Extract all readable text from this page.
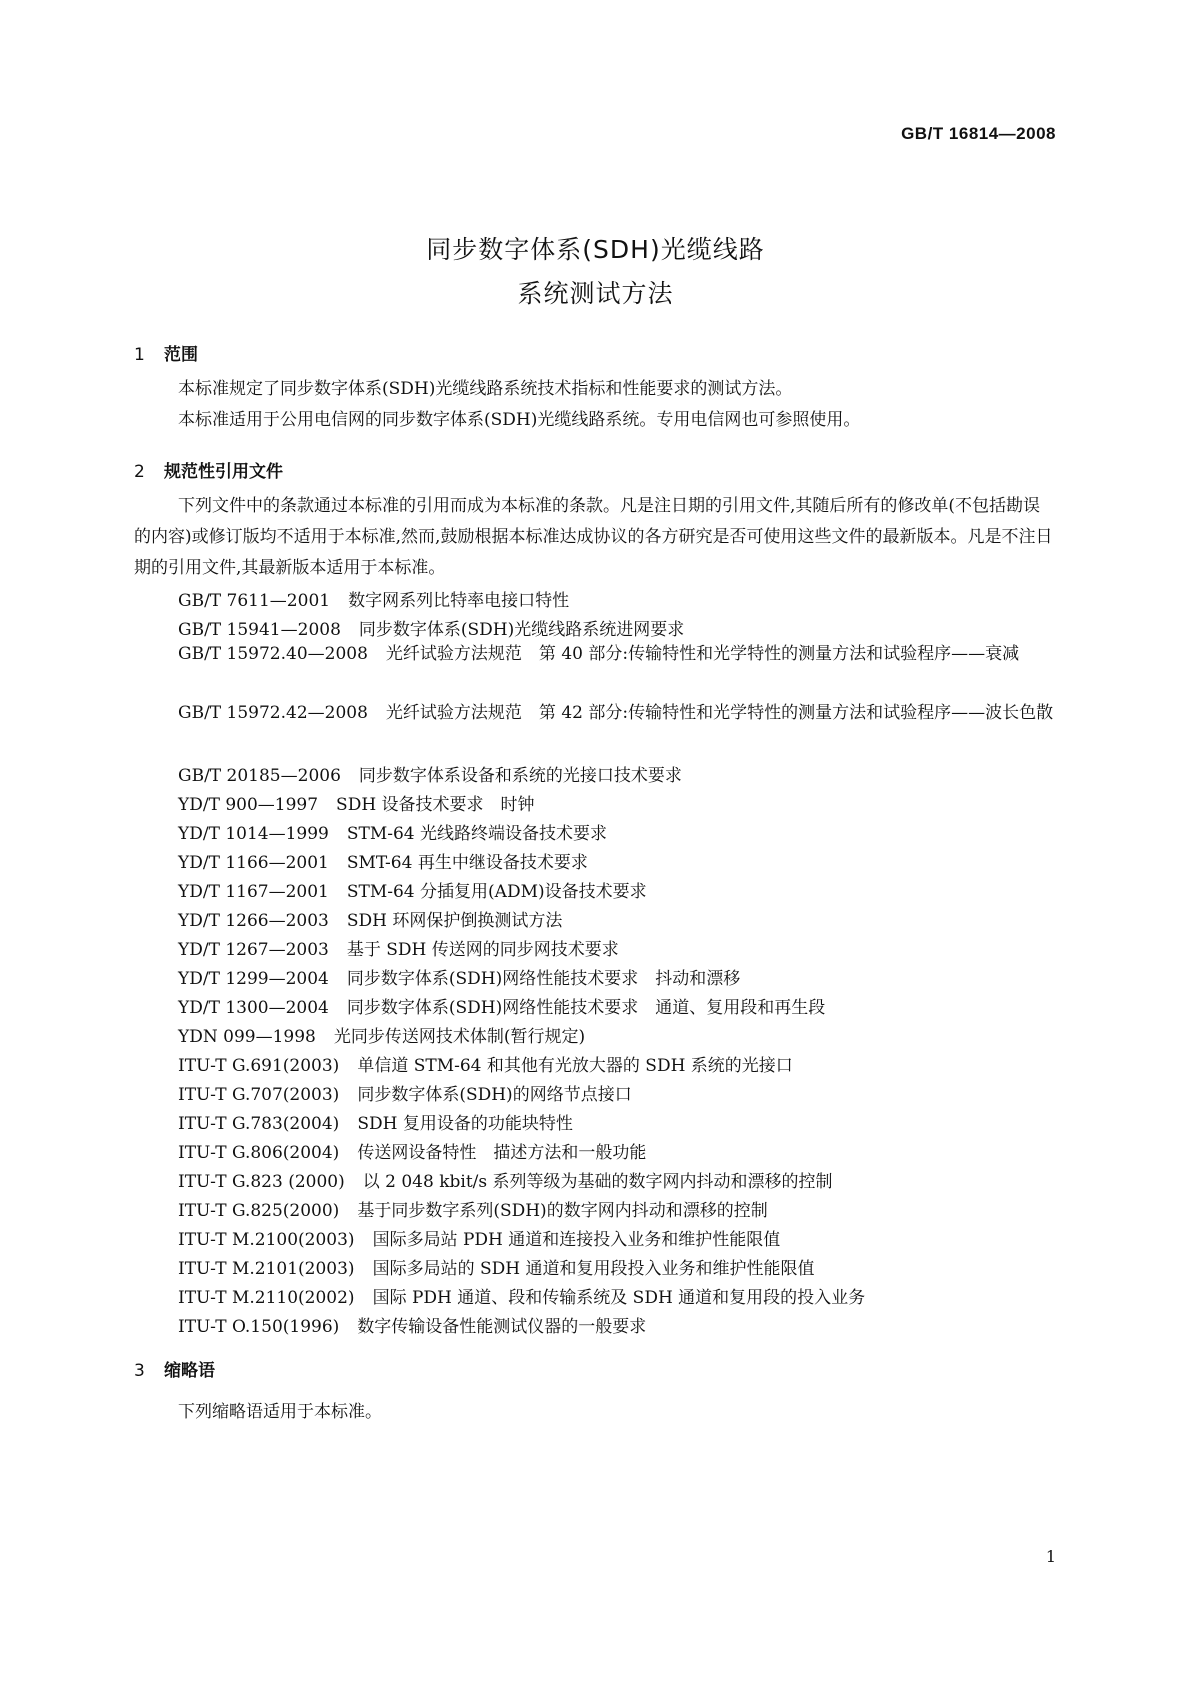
GB/T 16814—2008
同步数字体系(SDH)光缆线路
系统测试方法
1 范围

本标准规定了同步数字体系(SDH)光缆线路系统技术指标和性能要求的测试方法。

本标准适用于公用电信网的同步数字体系(SDH)光缆线路系统。专用电信网也可参照使用。

2 规范性引用文件

下列文件中的条款通过本标准的引用而成为本标准的条款。凡是注日期的引用文件,其随后所有的修改单(不包括勘误的内容)或修订版均不适用于本标准,然而,鼓励根据本标准达成协议的各方研究是否可使用这些文件的最新版本。凡是不注日期的引用文件,其最新版本适用于本标准。

GB/T 7611—2001 数字网系列比特率电接口特性
GB/T 15941—2008 同步数字体系(SDH)光缆线路系统进网要求

GB/T 15972.40—2008 光纤试验方法规范　第 40 部分:传输特性和光学特性的测量方法和试验程序——衰减

GB/T 15972.42—2008 光纤试验方法规范　第 42 部分:传输特性和光学特性的测量方法和试验程序——波长色散

GB/T 20185—2006 同步数字体系设备和系统的光接口技术要求
YD/T 900—1997 SDH 设备技术要求　时钟
YD/T 1014—1999 STM-64 光线路终端设备技术要求
YD/T 1166—2001 SMT-64 再生中继设备技术要求
YD/T 1167—2001 STM-64 分插复用(ADM)设备技术要求
YD/T 1266—2003 SDH 环网保护倒换测试方法
YD/T 1267—2003 基于 SDH 传送网的同步网技术要求
YD/T 1299—2004 同步数字体系(SDH)网络性能技术要求　抖动和漂移
YD/T 1300—2004 同步数字体系(SDH)网络性能技术要求　通道、复用段和再生段
YDN 099—1998 光同步传送网技术体制(暂行规定)
ITU-T G.691(2003) 单信道 STM-64 和其他有光放大器的 SDH 系统的光接口
ITU-T G.707(2003) 同步数字体系(SDH)的网络节点接口
ITU-T G.783(2004) SDH 复用设备的功能块特性
ITU-T G.806(2004) 传送网设备特性　描述方法和一般功能
ITU-T G.823 (2000) 以 2 048 kbit/s 系列等级为基础的数字网内抖动和漂移的控制
ITU-T G.825(2000) 基于同步数字系列(SDH)的数字网内抖动和漂移的控制
ITU-T M.2100(2003) 国际多局站 PDH 通道和连接投入业务和维护性能限值
ITU-T M.2101(2003) 国际多局站的 SDH 通道和复用段投入业务和维护性能限值
ITU-T M.2110(2002) 国际 PDH 通道、段和传输系统及 SDH 通道和复用段的投入业务
ITU-T O.150(1996) 数字传输设备性能测试仪器的一般要求
3 缩略语

下列缩略语适用于本标准。

1
